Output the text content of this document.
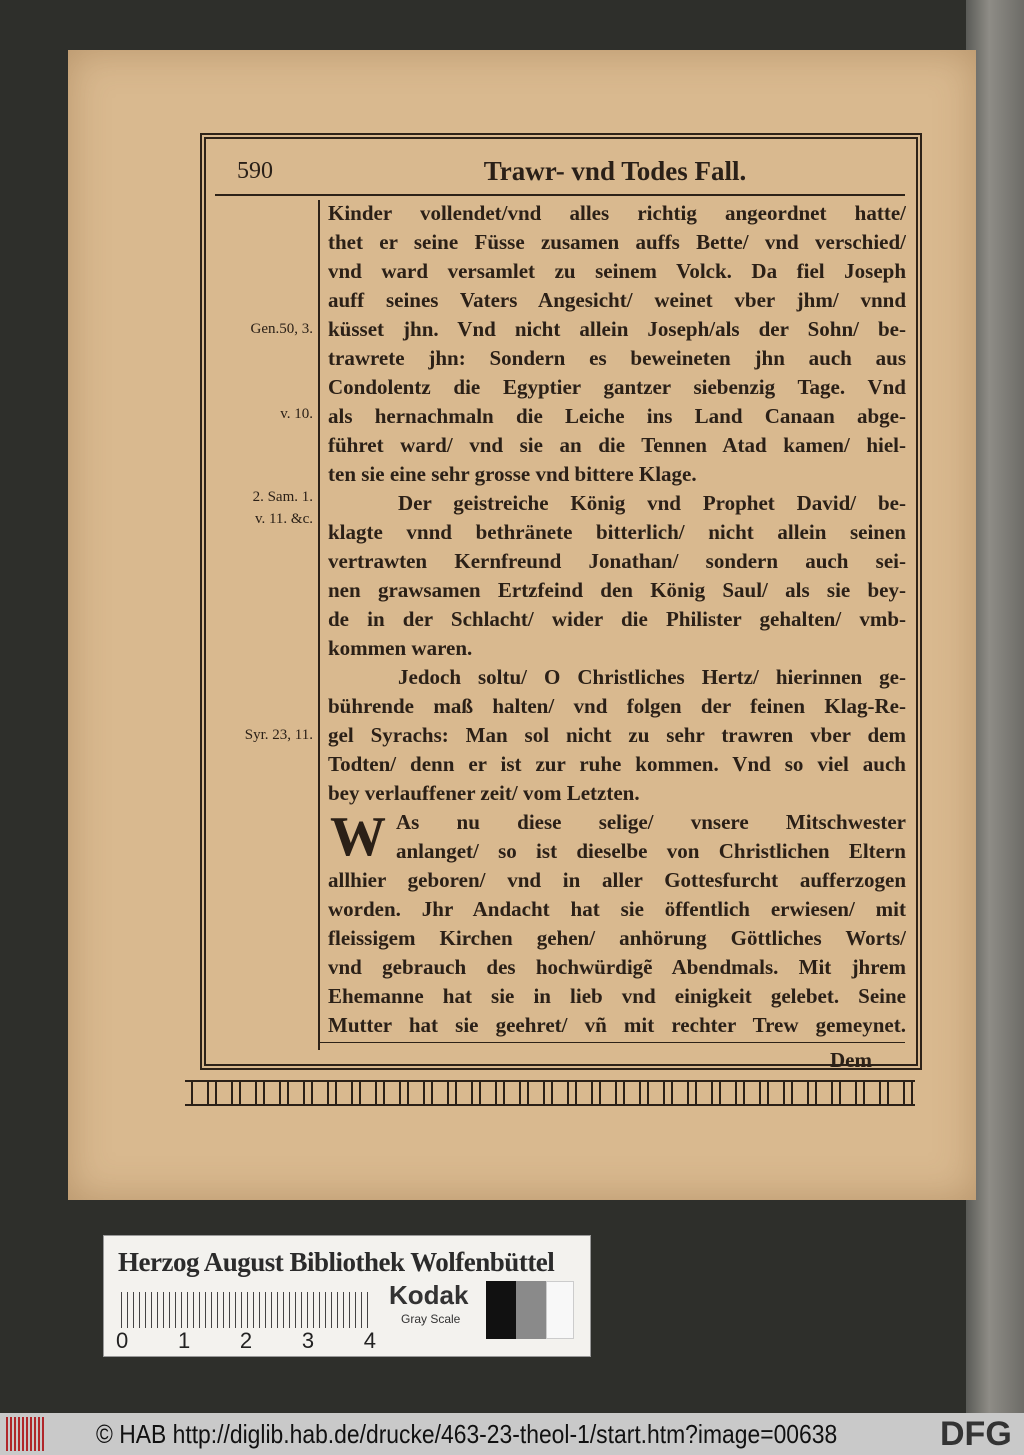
590	Trawr- vnd Todes Fall.
Gen.50, 3.
v. 10.
2. Sam. 1.
v. 11. &c.
Syr. 23, 11.
Kinder vollendet/vnd alles richtig angeordnet hatte/
thet er seine Füsse zusamen auffs Bette/ vnd verschied/
vnd ward versamlet zu seinem Volck. Da fiel Joseph
auff seines Vaters Angesicht/ weinet vber jhm/ vnnd
küsset jhn. Vnd nicht allein Joseph/als der Sohn/ be-
trawrete jhn: Sondern es beweineten jhn auch aus
Condolentz die Egyptier gantzer siebenzig Tage. Vnd
als hernachmaln die Leiche ins Land Canaan abge-
führet ward/ vnd sie an die Tennen Atad kamen/ hiel-
ten sie eine sehr grosse vnd bittere Klage.
Der geistreiche König vnd Prophet David/ be-
klagte vnnd bethränete bitterlich/ nicht allein seinen
vertrawten Kernfreund Jonathan/ sondern auch sei-
nen grawsamen Ertzfeind den König Saul/ als sie bey-
de in der Schlacht/ wider die Philister gehalten/ vmb-
kommen waren.
Jedoch soltu/ O Christliches Hertz/ hierinnen ge-
bührende maß halten/ vnd folgen der feinen Klag-Re-
gel Syrachs: Man sol nicht zu sehr trawren vber dem
Todten/ denn er ist zur ruhe kommen. Vnd so viel auch
bey verlauffener zeit/ vom Letzten.
As nu diese selige/ vnsere Mitschwester
anlanget/ so ist dieselbe von Christlichen Eltern
allhier geboren/ vnd in aller Gottesfurcht aufferzogen
worden. Jhr Andacht hat sie öffentlich erwiesen/ mit
fleissigem Kirchen gehen/ anhörung Göttliches Worts/
vnd gebrauch des hochwürdigẽ Abendmals. Mit jhrem
Ehemanne hat sie in lieb vnd einigkeit gelebet. Seine
Mutter hat sie geehret/ vñ mit rechter Trew gemeynet.
W
Dem
Herzog August Bibliothek Wolfenbüttel
0 1 2 3 4
Kodak
Gray Scale
© HAB http://diglib.hab.de/drucke/463-23-theol-1/start.htm?image=00638	DFG
